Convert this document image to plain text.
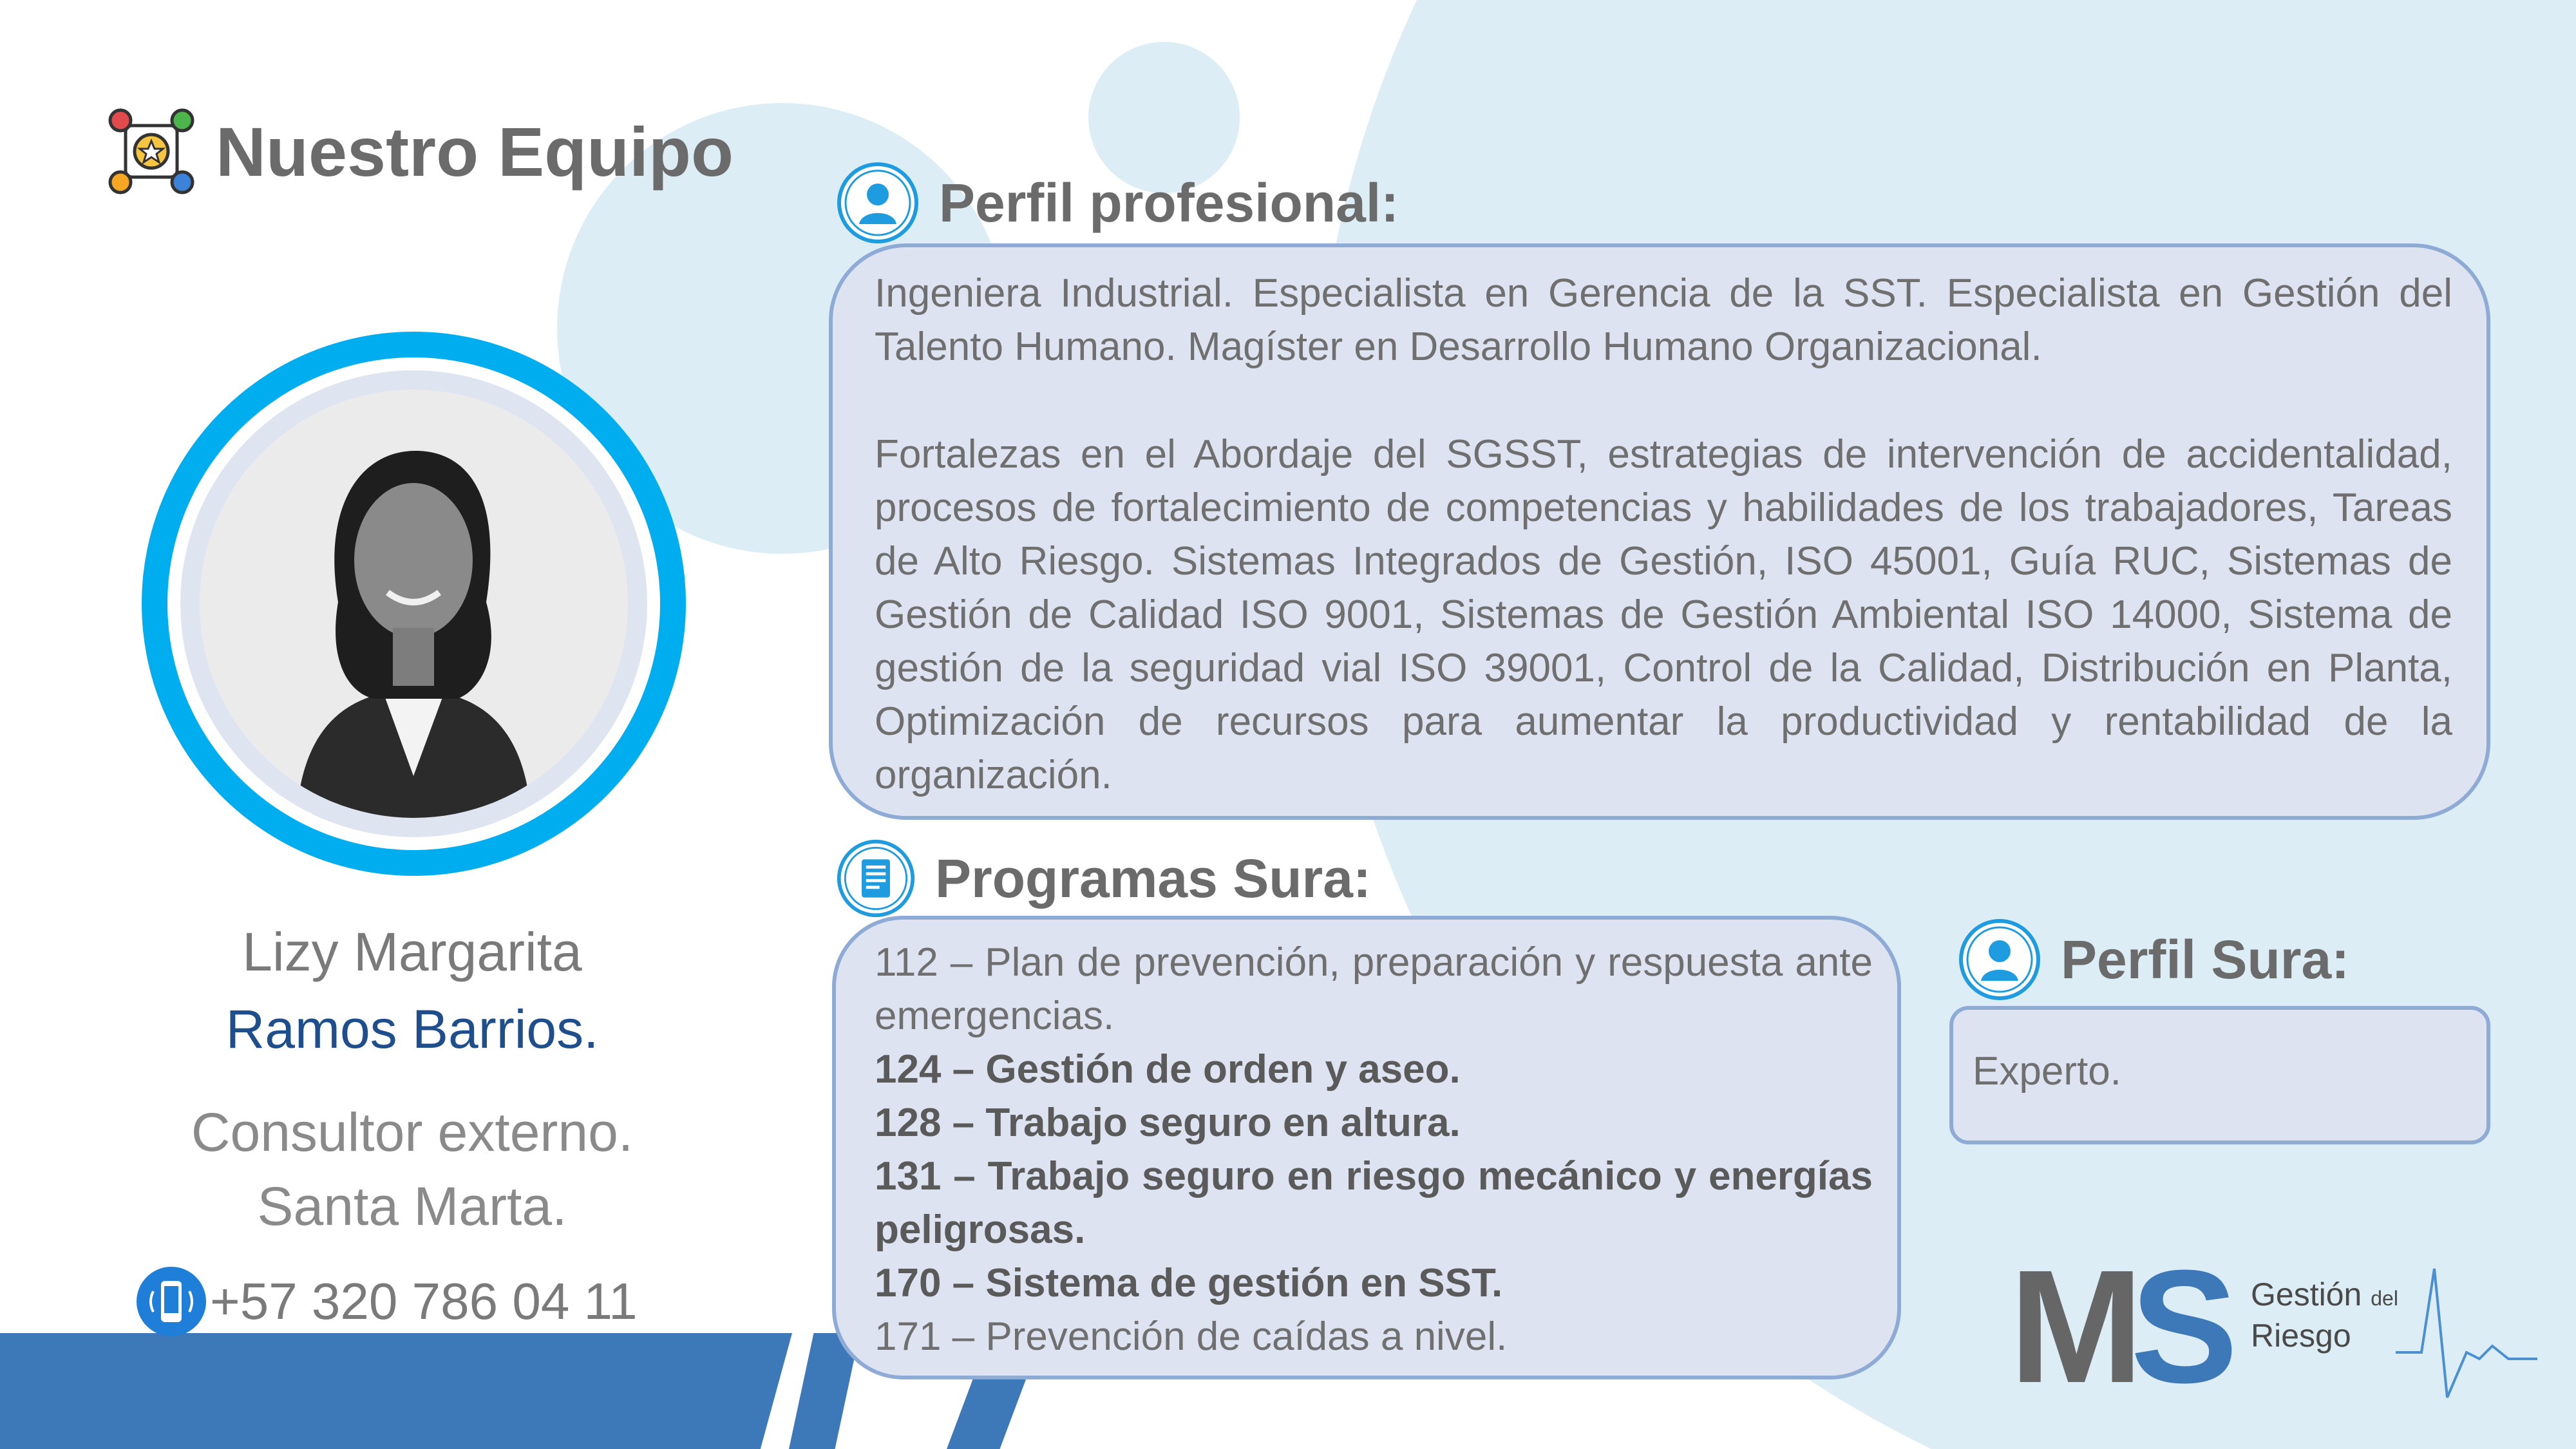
Nuestro Equipo
Lizy Margarita
Ramos Barrios.
Consultor externo.
Santa Marta.
+57 320 786 04 11
Perfil profesional:

Ingeniera Industrial. Especialista en Gerencia de la SST. Especialista en Gestión del Talento Humano. Magíster en Desarrollo Humano Organizacional.

Fortalezas en el Abordaje del SGSST, estrategias de intervención de accidentalidad, procesos de fortalecimiento de competencias y habilidades de los trabajadores, Tareas de Alto Riesgo. Sistemas Integrados de Gestión, ISO 45001, Guía RUC, Sistemas de Gestión de Calidad ISO 9001, Sistemas de Gestión Ambiental ISO 14000, Sistema de gestión de la seguridad vial ISO 39001, Control de la Calidad, Distribución en Planta, Optimización de recursos para aumentar la productividad y rentabilidad de la organización.

Programas Sura:
112 – Plan de prevención, preparación y respuesta ante emergencias.
124 – Gestión de orden y aseo.
128 – Trabajo seguro en altura.
131 – Trabajo seguro en riesgo mecánico y energías peligrosas.
170 – Sistema de gestión en SST.
171 – Prevención de caídas a nivel.
Perfil Sura:
Experto.
MS Gestión del
Riesgo
